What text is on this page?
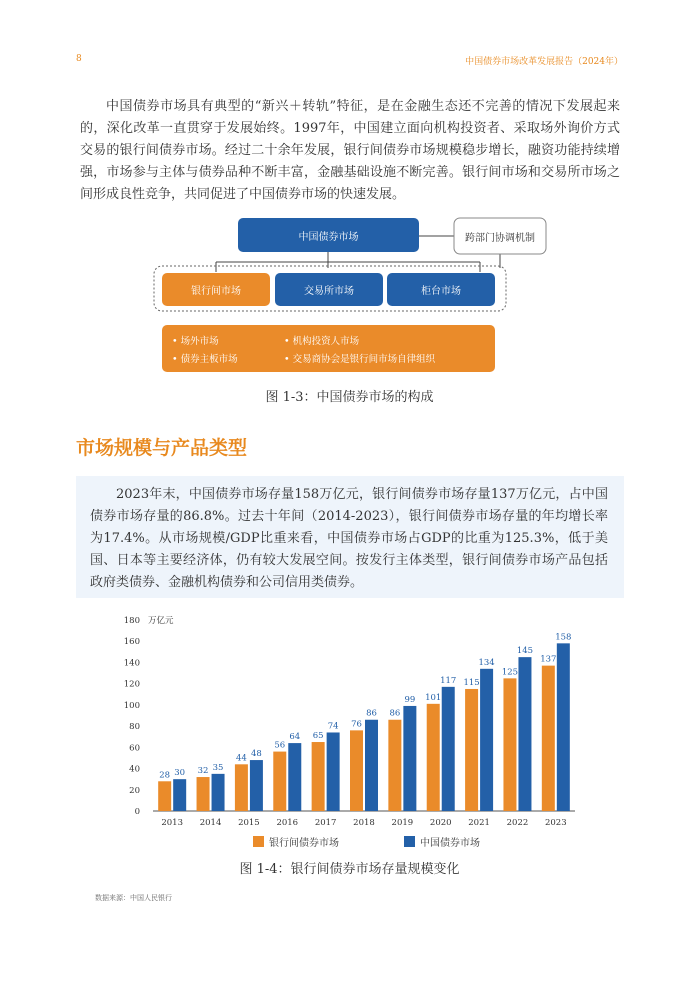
8	中国债券市场改革发展报告（2024年）

中国债券市场具有典型的“新兴＋转轨”特征，是在金融生态还不完善的情况下发展起来的，深化改革一直贯穿于发展始终。1997年，中国建立面向机构投资者、采取场外询价方式交易的银行间债券市场。经过二十余年发展，银行间债券市场规模稳步增长，融资功能持续增强，市场参与主体与债券品种不断丰富，金融基础设施不断完善。银行间市场和交易所市场之间形成良性竞争，共同促进了中国债券市场的快速发展。

中国债券市场	跨部门协调机制
银行间市场	交易所市场	柜台市场
• 场外市场	• 机构投资人市场
• 债券主板市场	• 交易商协会是银行间市场自律组织
图 1-3：中国债券市场的构成
市场规模与产品类型

2023年末，中国债券市场存量158万亿元，银行间债券市场存量137万亿元，占中国债券市场存量的86.8%。过去十年间（2014-2023），银行间债券市场存量的年均增长率为17.4%。从市场规模/GDP比重来看，中国债券市场占GDP的比重为125.3%，低于美国、日本等主要经济体，仍有较大发展空间。按发行主体类型，银行间债券市场产品包括政府类债券、金融机构债券和公司信用类债券。

0
20
40
60
80
100
120
140
160
180 万亿元
28 30
2013
32 35
2014
44 48
2015
56
64
2016
65
74
2017
76
86
2018
86
99
2019
101
117
2020
115
134
2021
125
145
2022
137
158
2023
银行间债券市场	中国债券市场
图 1-4：银行间债券市场存量规模变化
数据来源：中国人民银行
